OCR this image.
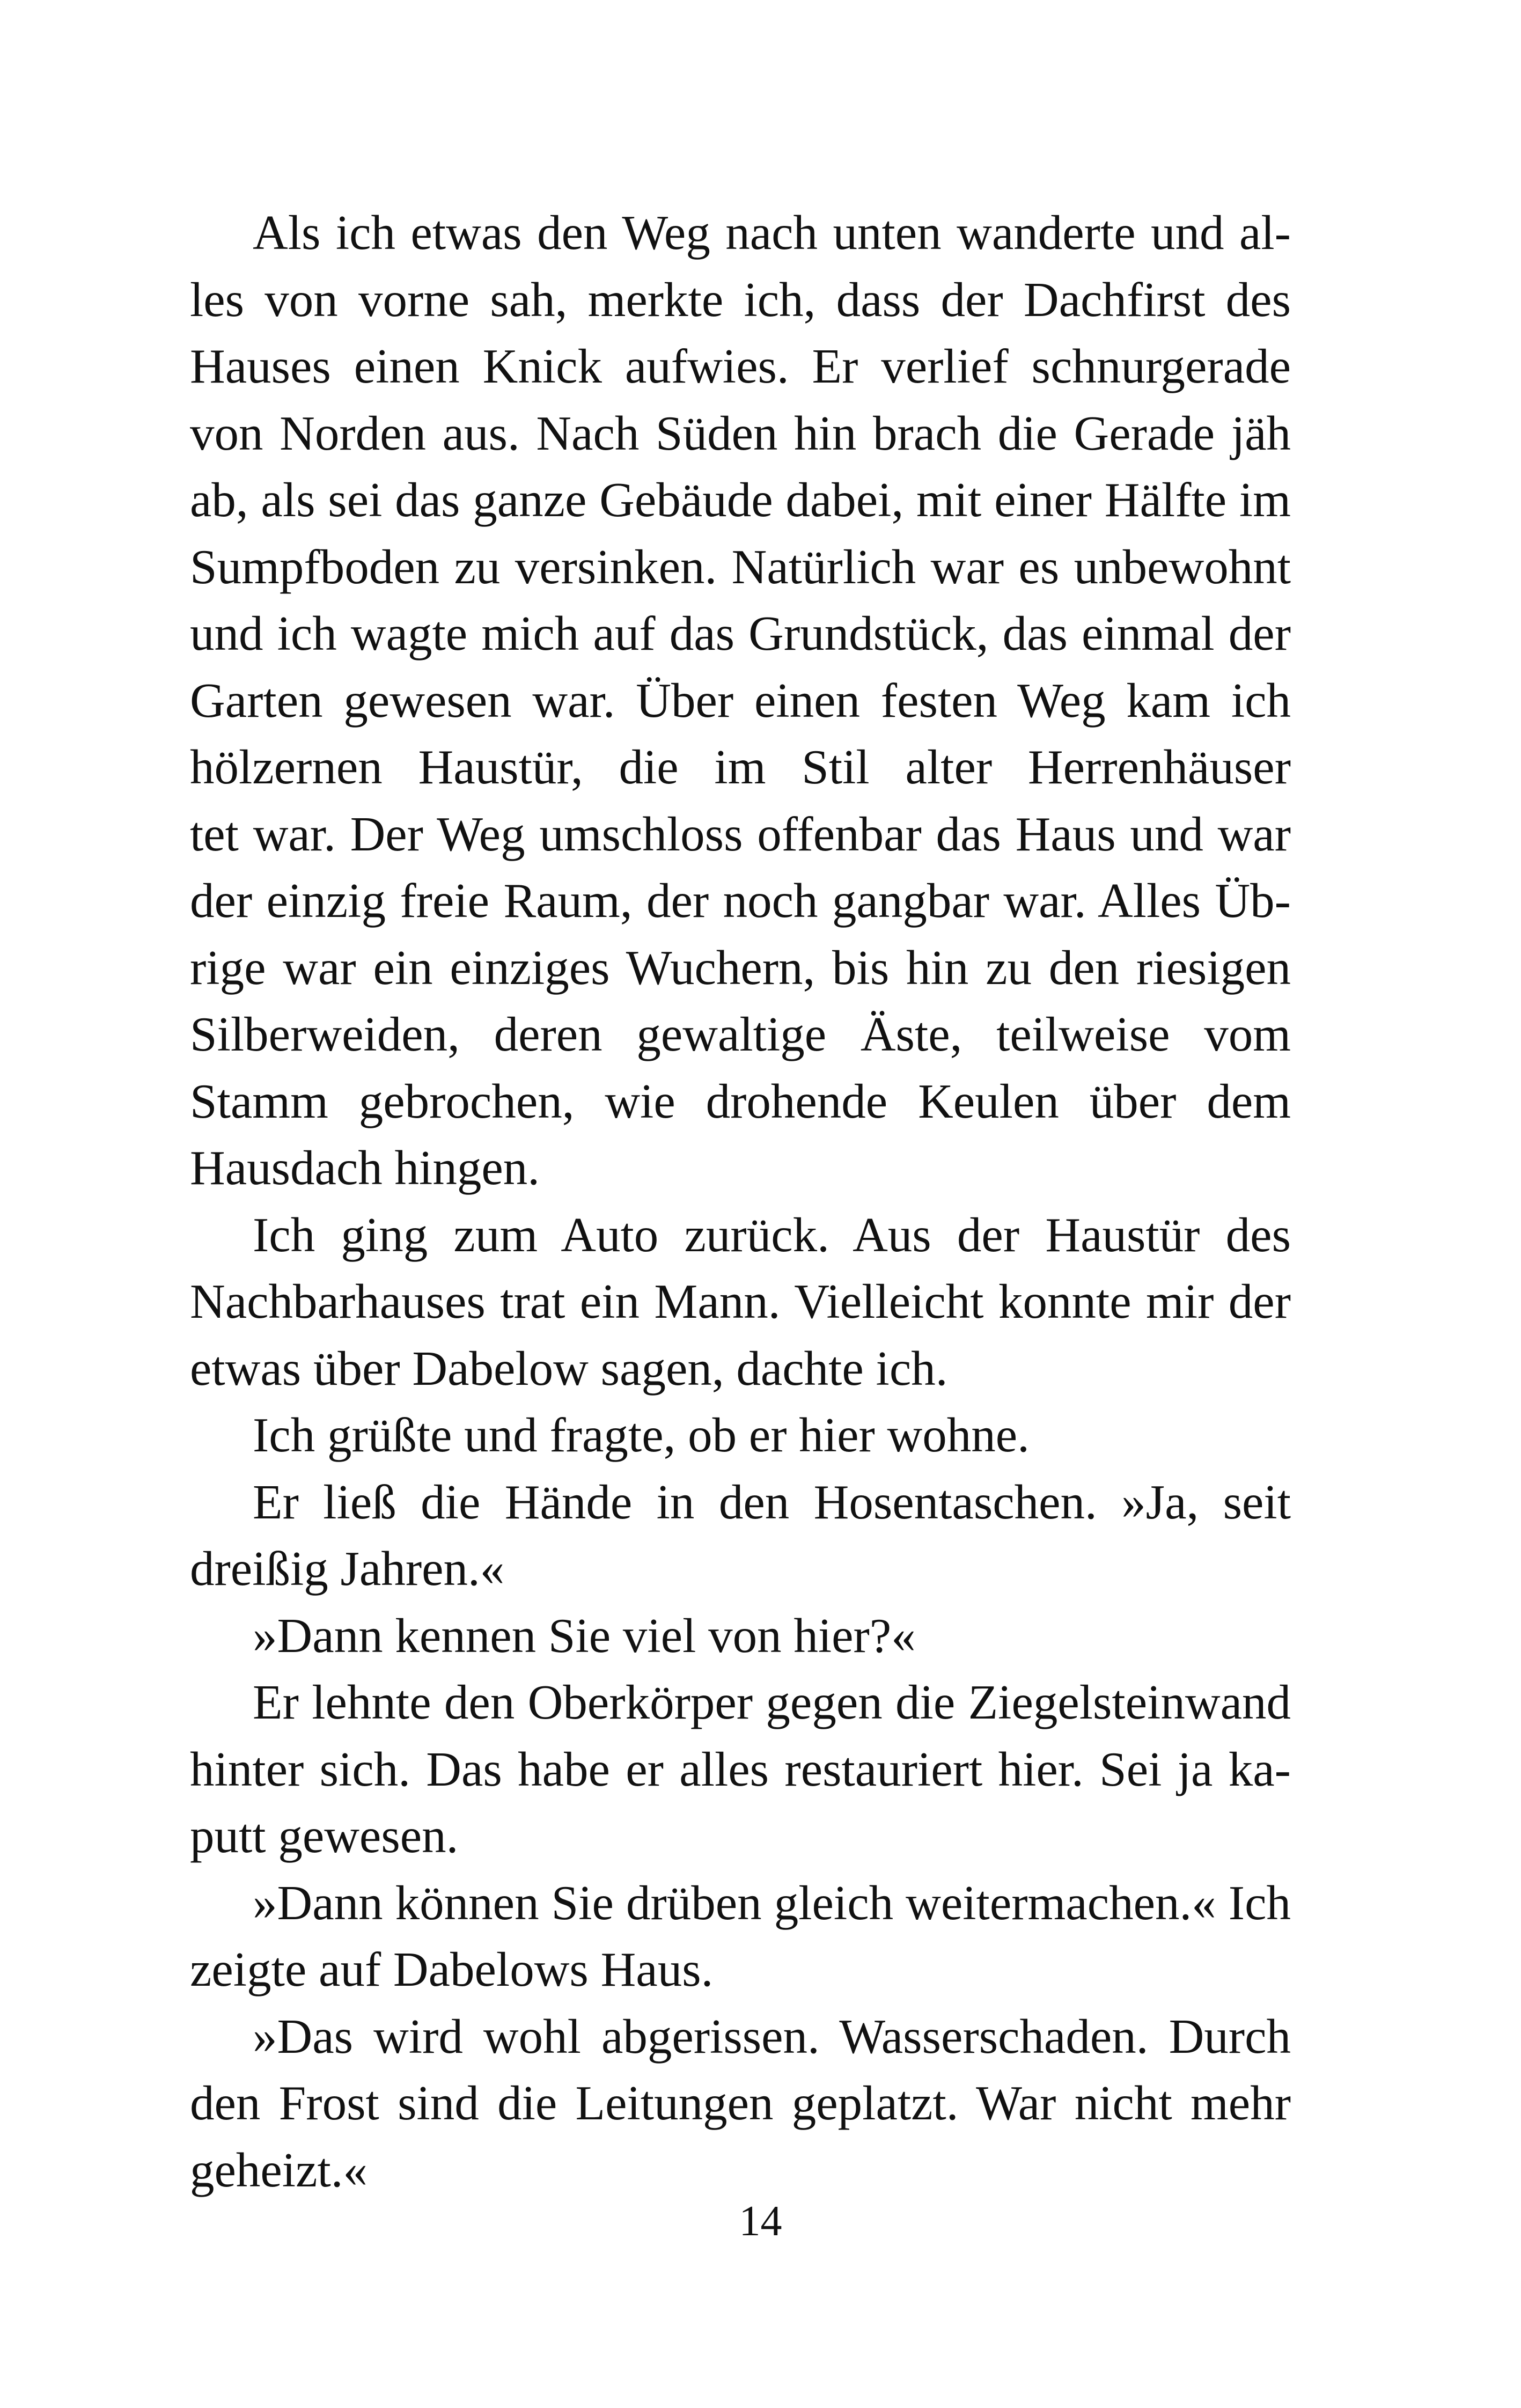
Als ich etwas den Weg nach unten wanderte und al-
les von vorne sah, merkte ich, dass der Dachfirst des
Hauses einen Knick aufwies. Er verlief schnurgerade
von Norden aus. Nach Süden hin brach die Gerade jäh
ab, als sei das ganze Gebäude dabei, mit einer Hälfte im
Sumpfboden zu versinken. Natürlich war es unbewohnt
und ich wagte mich auf das Grundstück, das einmal der
Garten gewesen war. Über einen festen Weg kam ich
hölzernen Haustür, die im Stil alter Herrenhäuser
tet war. Der Weg umschloss offenbar das Haus und war
der einzig freie Raum, der noch gangbar war. Alles Üb-
rige war ein einziges Wuchern, bis hin zu den riesigen
Silberweiden, deren gewaltige Äste, teilweise vom
Stamm gebrochen, wie drohende Keulen über dem
Hausdach hingen.
Ich ging zum Auto zurück. Aus der Haustür des
Nachbarhauses trat ein Mann. Vielleicht konnte mir der
etwas über Dabelow sagen, dachte ich.
Ich grüßte und fragte, ob er hier wohne.
Er ließ die Hände in den Hosentaschen. »Ja, seit
dreißig Jahren.«
»Dann kennen Sie viel von hier?«
Er lehnte den Oberkörper gegen die Ziegelsteinwand
hinter sich. Das habe er alles restauriert hier. Sei ja ka-
putt gewesen.
»Dann können Sie drüben gleich weitermachen.« Ich
zeigte auf Dabelows Haus.
»Das wird wohl abgerissen. Wasserschaden. Durch
den Frost sind die Leitungen geplatzt. War nicht mehr
geheizt.«
14
